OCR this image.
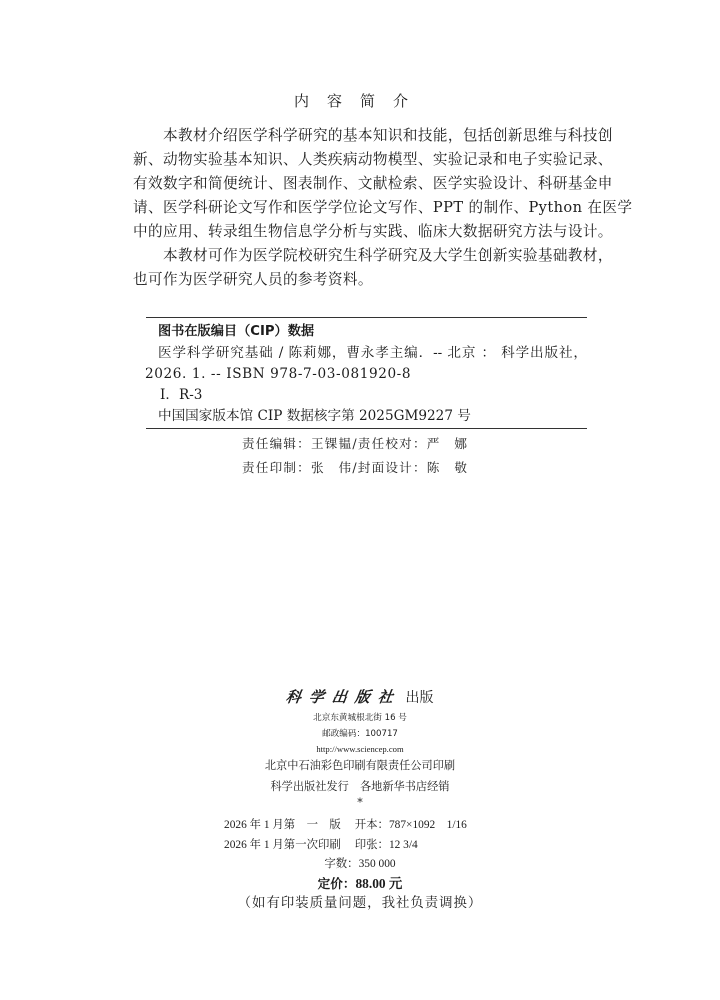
内容简介
本教材介绍医学科学研究的基本知识和技能，包括创新思维与科技创
新、动物实验基本知识、人类疾病动物模型、实验记录和电子实验记录、
有效数字和简便统计、图表制作、文献检索、医学实验设计、科研基金申
请、医学科研论文写作和医学学位论文写作、PPT 的制作、Python 在医学
中的应用、转录组生物信息学分析与实践、临床大数据研究方法与设计。
本教材可作为医学院校研究生科学研究及大学生创新实验基础教材，
也可作为医学研究人员的参考资料。
图书在版编目（CIP）数据
医学科学研究基础 / 陈莉娜，曹永孝主编．-- 北京 ： 科学出版社，
2026. 1. -- ISBN 978-7-03-081920-8
Ⅰ．R-3
中国国家版本馆 CIP 数据核字第 2025GM9227 号
责任编辑：王锞韫/责任校对：严　娜
责任印制：张　伟/封面设计：陈　敬
科学出版社 出版
北京东黄城根北街 16 号
邮政编码：100717
http://www.sciencep.com
北京中石油彩色印刷有限责任公司印刷
科学出版社发行　各地新华书店经销
*
2026 年 1 月第　一　版 开本：787×1092　1/16
2026 年 1 月第一次印刷 印张：12 3/4
字数：350 000
定价：88.00 元
（如有印装质量问题，我社负责调换）
